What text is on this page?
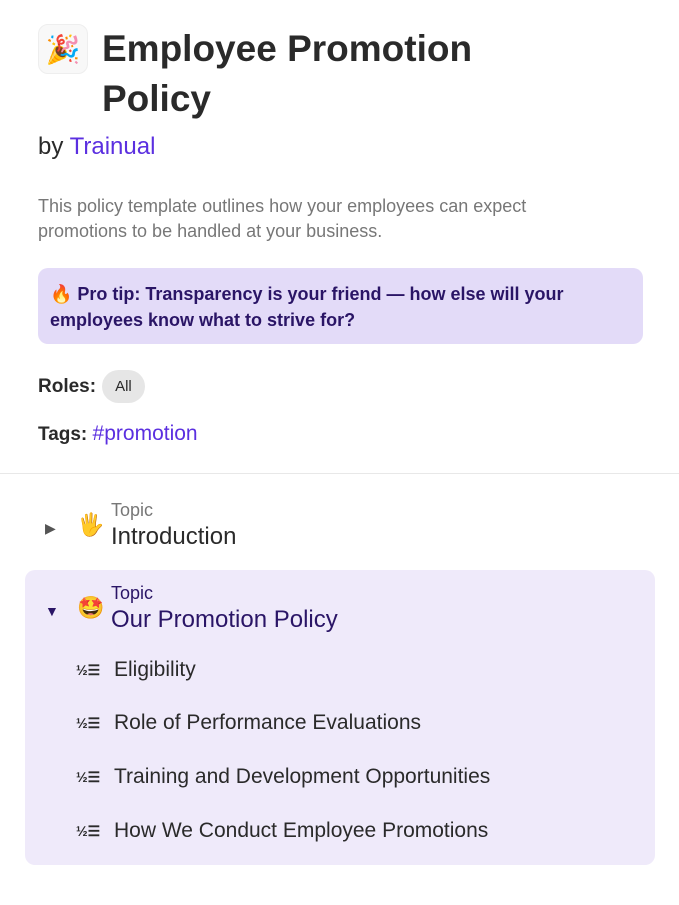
🎉 Employee Promotion Policy
by Trainual

This policy template outlines how your employees can expect promotions to be handled at your business.

🔥 Pro tip: Transparency is your friend — how else will your employees know what to strive for?
Roles:	All
Tags: #promotion
▶ 🖐
Topic
Introduction
▼ 🤩
Topic
Our Promotion Policy
½☰ Eligibility
½☰ Role of Performance Evaluations
½☰ Training and Development Opportunities
½☰ How We Conduct Employee Promotions
